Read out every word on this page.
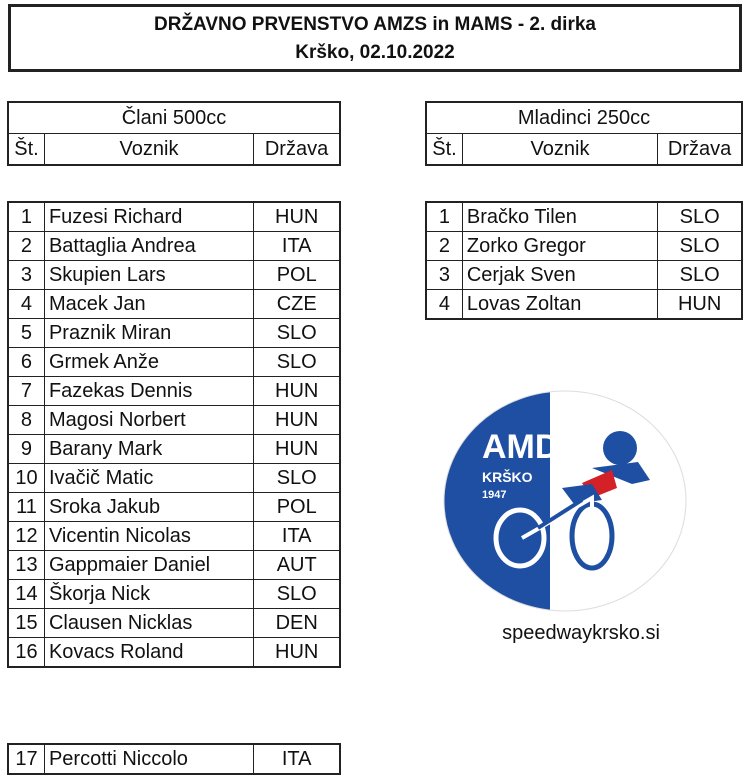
DRŽAVNO PRVENSTVO AMZS in MAMS - 2. dirka
Krško, 02.10.2022
Člani 500cc
Št.	Voznik	Država
Mladinci 250cc
Št.	Voznik	Država
1	Fuzesi Richard	HUN
2	Battaglia Andrea	ITA
3	Skupien Lars	POL
4	Macek Jan	CZE
5	Praznik Miran	SLO
6	Grmek Anže	SLO
7	Fazekas Dennis	HUN
8	Magosi Norbert	HUN
9	Barany Mark	HUN
10	Ivačič Matic	SLO
11	Sroka Jakub	POL
12	Vicentin Nicolas	ITA
13	Gappmaier Daniel	AUT
14	Škorja Nick	SLO
15	Clausen Nicklas	DEN
16	Kovacs Roland	HUN
1	Bračko Tilen	SLO
2	Zorko Gregor	SLO
3	Cerjak Sven	SLO
4	Lovas Zoltan	HUN
17	Percotti Niccolo	ITA
AMD
KRŠKO
1947
speedwaykrsko.si
